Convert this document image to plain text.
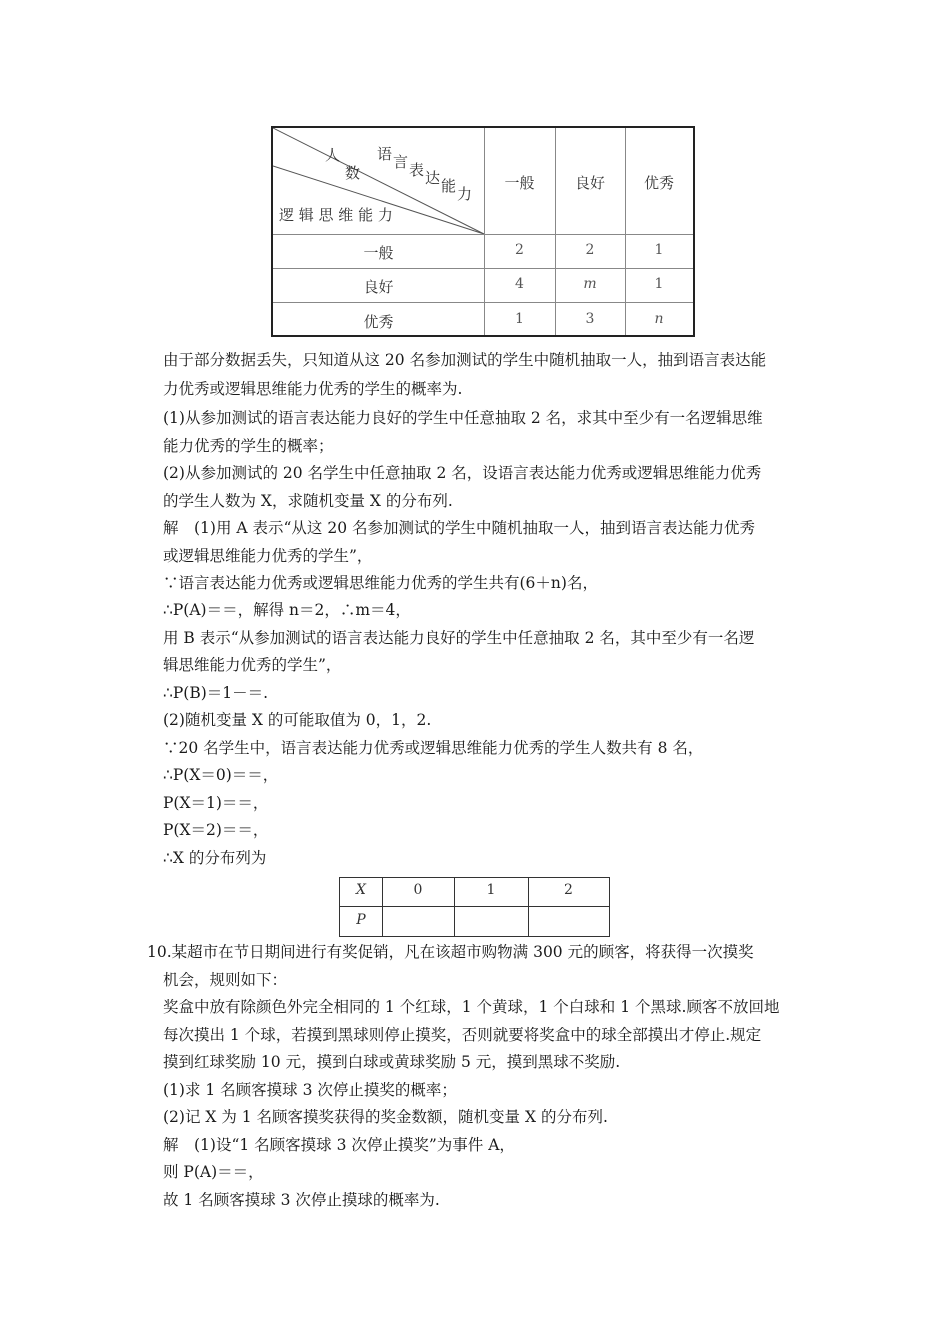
人
数
语 言 表 达 能 力
逻 辑 思 维 能 力
一般	良好	优秀
一般	2	2	1
良好	4	m	1
优秀	1	3	n
由于部分数据丢失，只知道从这 20 名参加测试的学生中随机抽取一人，抽到语言表达能
力优秀或逻辑思维能力优秀的学生的概率为.
(1)从参加测试的语言表达能力良好的学生中任意抽取 2 名，求其中至少有一名逻辑思维
能力优秀的学生的概率；
(2)从参加测试的 20 名学生中任意抽取 2 名，设语言表达能力优秀或逻辑思维能力优秀
的学生人数为 X，求随机变量 X 的分布列.
解　(1)用 A 表示“从这 20 名参加测试的学生中随机抽取一人，抽到语言表达能力优秀
或逻辑思维能力优秀的学生”，
∵语言表达能力优秀或逻辑思维能力优秀的学生共有(6＋n)名，
∴P(A)＝＝，解得 n＝2，∴m＝4，
用 B 表示“从参加测试的语言表达能力良好的学生中任意抽取 2 名，其中至少有一名逻
辑思维能力优秀的学生”，
∴P(B)＝1－＝.
(2)随机变量 X 的可能取值为 0，1，2.
∵20 名学生中，语言表达能力优秀或逻辑思维能力优秀的学生人数共有 8 名，
∴P(X＝0)＝＝，
P(X＝1)＝＝，
P(X＝2)＝＝，
∴X 的分布列为
X	0	1	2
P
10.某超市在节日期间进行有奖促销，凡在该超市购物满 300 元的顾客，将获得一次摸奖
机会，规则如下：
奖盒中放有除颜色外完全相同的 1 个红球，1 个黄球，1 个白球和 1 个黑球.顾客不放回地
每次摸出 1 个球，若摸到黑球则停止摸奖，否则就要将奖盒中的球全部摸出才停止.规定
摸到红球奖励 10 元，摸到白球或黄球奖励 5 元，摸到黑球不奖励.
(1)求 1 名顾客摸球 3 次停止摸奖的概率；
(2)记 X 为 1 名顾客摸奖获得的奖金数额，随机变量 X 的分布列.
解　(1)设“1 名顾客摸球 3 次停止摸奖”为事件 A，
则 P(A)＝＝，
故 1 名顾客摸球 3 次停止摸球的概率为.
